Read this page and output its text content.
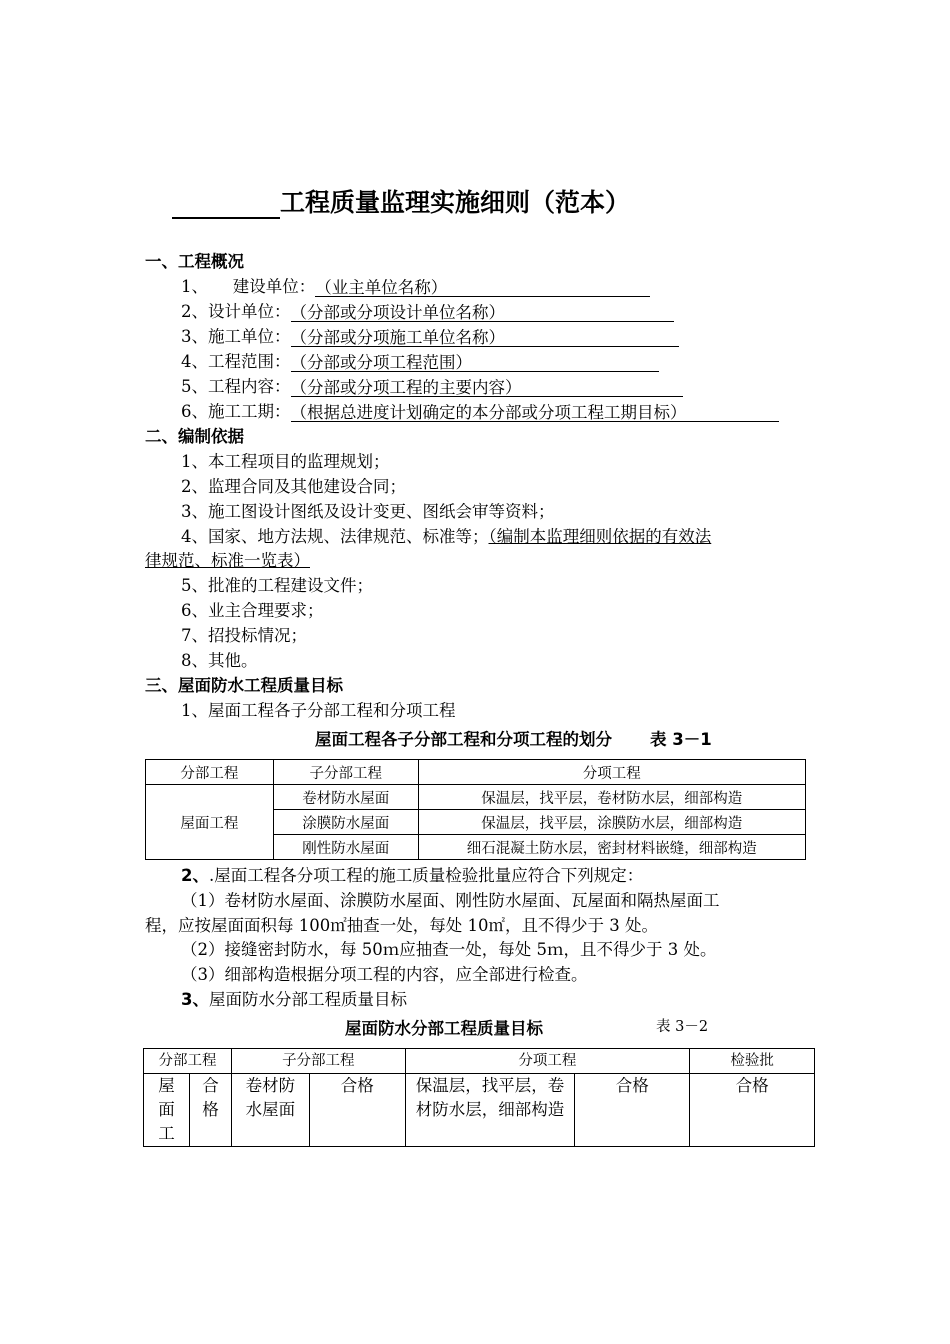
工程质量监理实施细则（范本）
一、工程概况
1、　　建设单位：（业主单位名称）
2、设计单位：（分部或分项设计单位名称）
3、施工单位：（分部或分项施工单位名称）
4、工程范围：（分部或分项工程范围）
5、工程内容：（分部或分项工程的主要内容）
6、施工工期：（根据总进度计划确定的本分部或分项工程工期目标）
二、编制依据
1、本工程项目的监理规划；
2、监理合同及其他建设合同；
3、施工图设计图纸及设计变更、图纸会审等资料；
4、国家、地方法规、法律规范、标准等；（编制本监理细则依据的有效法
律规范、标准一览表）
5、批准的工程建设文件；
6、业主合理要求；
7、招投标情况；
8、其他。
三、屋面防水工程质量目标
1、屋面工程各子分部工程和分项工程
屋面工程各子分部工程和分项工程的划分 表 3－1
分部工程	子分部工程	分项工程
屋面工程	卷材防水屋面	保温层，找平层，卷材防水层，细部构造
	涂膜防水屋面	保温层，找平层，涂膜防水层，细部构造
	刚性防水屋面	细石混凝土防水层，密封材料嵌缝，细部构造
2、.屋面工程各分项工程的施工质量检验批量应符合下列规定：
（1）卷材防水屋面、涂膜防水屋面、刚性防水屋面、瓦屋面和隔热屋面工
程，应按屋面面积每 100㎡抽查一处，每处 10㎡，且不得少于 3 处。
（2）接缝密封防水，每 50ｍ应抽查一处，每处 5ｍ，且不得少于 3 处。
（3）细部构造根据分项工程的内容，应全部进行检查。
3、屋面防水分部工程质量目标
屋面防水分部工程质量目标	表 3－2
分部工程		子分部工程		分项工程		检验批
屋面工	合格	卷材防水屋面	合格	保温层，找平层，卷材防水层，细部构造	合格	合格
